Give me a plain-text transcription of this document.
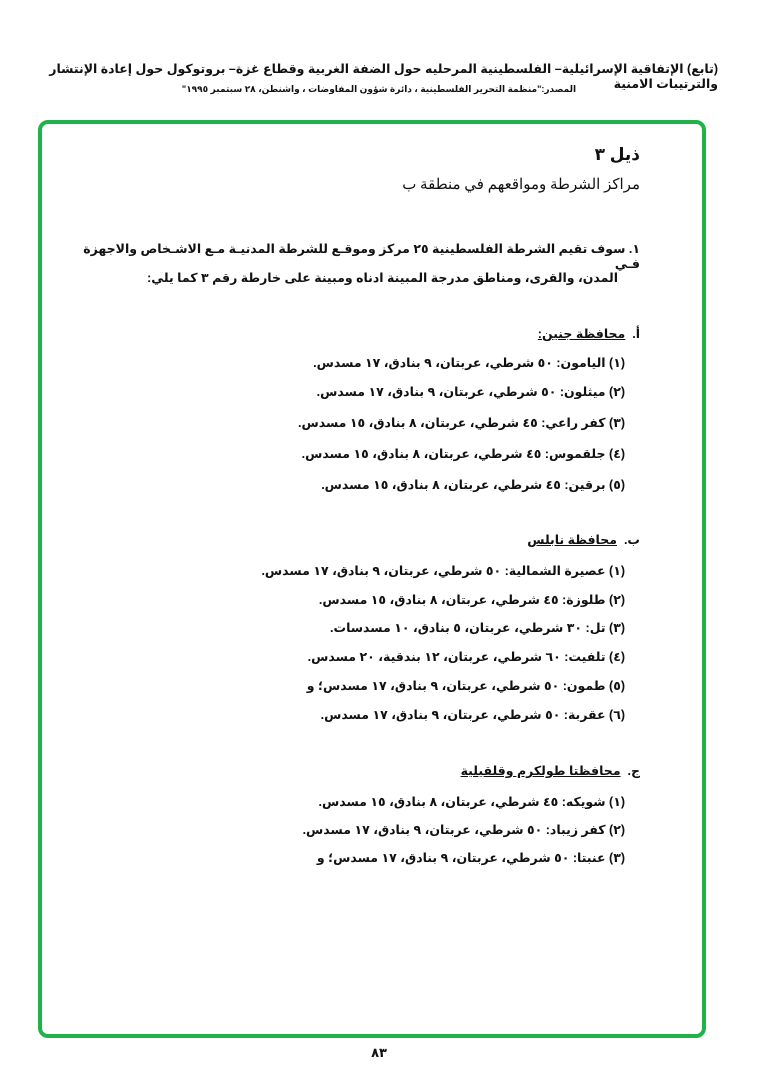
(تابع) الإتفاقية الإسرائيلية– الفلسطينية المرحليه حول الضفة الغربية وقطاع غزة– بروتوكول حول إعادة الإنتشار والترتيبات الامنية
المصدر:"منظمة التحرير الفلسطينية ، دائرة شؤون المفاوضات ، واشنطن، ٢٨ سبتمبر ١٩٩٥"
ذيل ٣
مراكز الشرطة ومواقعهم في منطقة ب
١. سوف تقيم الشرطة الفلسطينية ٢٥ مركز وموقـع للشرطة المدنيـة مـع الاشـخاص والاجهزة فـي
المدن، والقرى، ومناطق مدرجة المبينة ادناه ومبينة على خارطة رقم ٣ كما يلي:
أ.  محافظة جنين:
(١) اليامون: ٥٠ شرطي، عربتان، ٩ بنادق، ١٧ مسدس.
(٢) ميثلون: ٥٠ شرطي، عربتان، ٩ بنادق، ١٧ مسدس.
(٣) كفر راعي: ٤٥ شرطي، عربتان، ٨ بنادق، ١٥ مسدس.
(٤) جلقموس: ٤٥ شرطي، عربتان، ٨ بنادق، ١٥ مسدس.
(٥) برقين: ٤٥ شرطي، عربتان، ٨ بنادق، ١٥ مسدس.
ب.  محافظة نابلس
(١) عصيرة الشمالية: ٥٠ شرطي، عربتان، ٩ بنادق، ١٧ مسدس.
(٢) طلوزة: ٤٥ شرطي، عربتان، ٨ بنادق، ١٥ مسدس.
(٣) تل: ٣٠ شرطي، عربتان، ٥ بنادق، ١٠ مسدسات.
(٤) تلفيت: ٦٠ شرطي، عربتان، ١٢ بندقية، ٢٠ مسدس.
(٥) طمون: ٥٠ شرطي، عربتان، ٩ بنادق، ١٧ مسدس؛ و
(٦) عقربة: ٥٠ شرطي، عربتان، ٩ بنادق، ١٧ مسدس.
ج.  محافظتا طولكرم وقلقيلية
(١) شويكه: ٤٥ شرطي، عربتان، ٨ بنادق، ١٥ مسدس.
(٢) كفر زيباد: ٥٠ شرطي، عربتان، ٩ بنادق، ١٧ مسدس.
(٣) عنبتا: ٥٠ شرطي، عربتان، ٩ بنادق، ١٧ مسدس؛ و
٨٣
